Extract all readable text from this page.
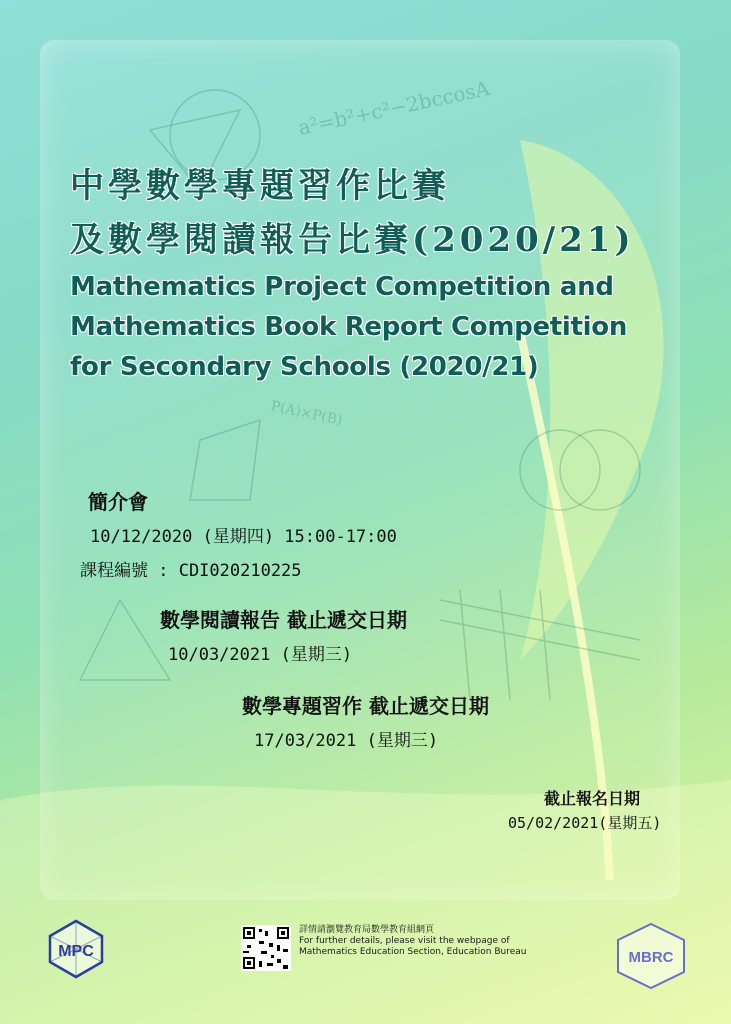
a²=b²+c²−2bccosA
P(A)×P(B)
中學數學專題習作比賽
及數學閱讀報告比賽(2020/21)

Mathematics Project Competition and

Mathematics Book Report Competition

for Secondary Schools (2020/21)

簡介會

10/12/2020 (星期四) 15:00-17:00

課程編號 : CDI020210225

數學閱讀報告 截止遞交日期

10/03/2021 (星期三)

數學專題習作 截止遞交日期

17/03/2021 (星期三)

截止報名日期

05/02/2021(星期五)

MPC

詳情請瀏覽教育局數學教育組網頁
For further details, please visit the webpage of
Mathematics Education Section, Education Bureau	MBRC
